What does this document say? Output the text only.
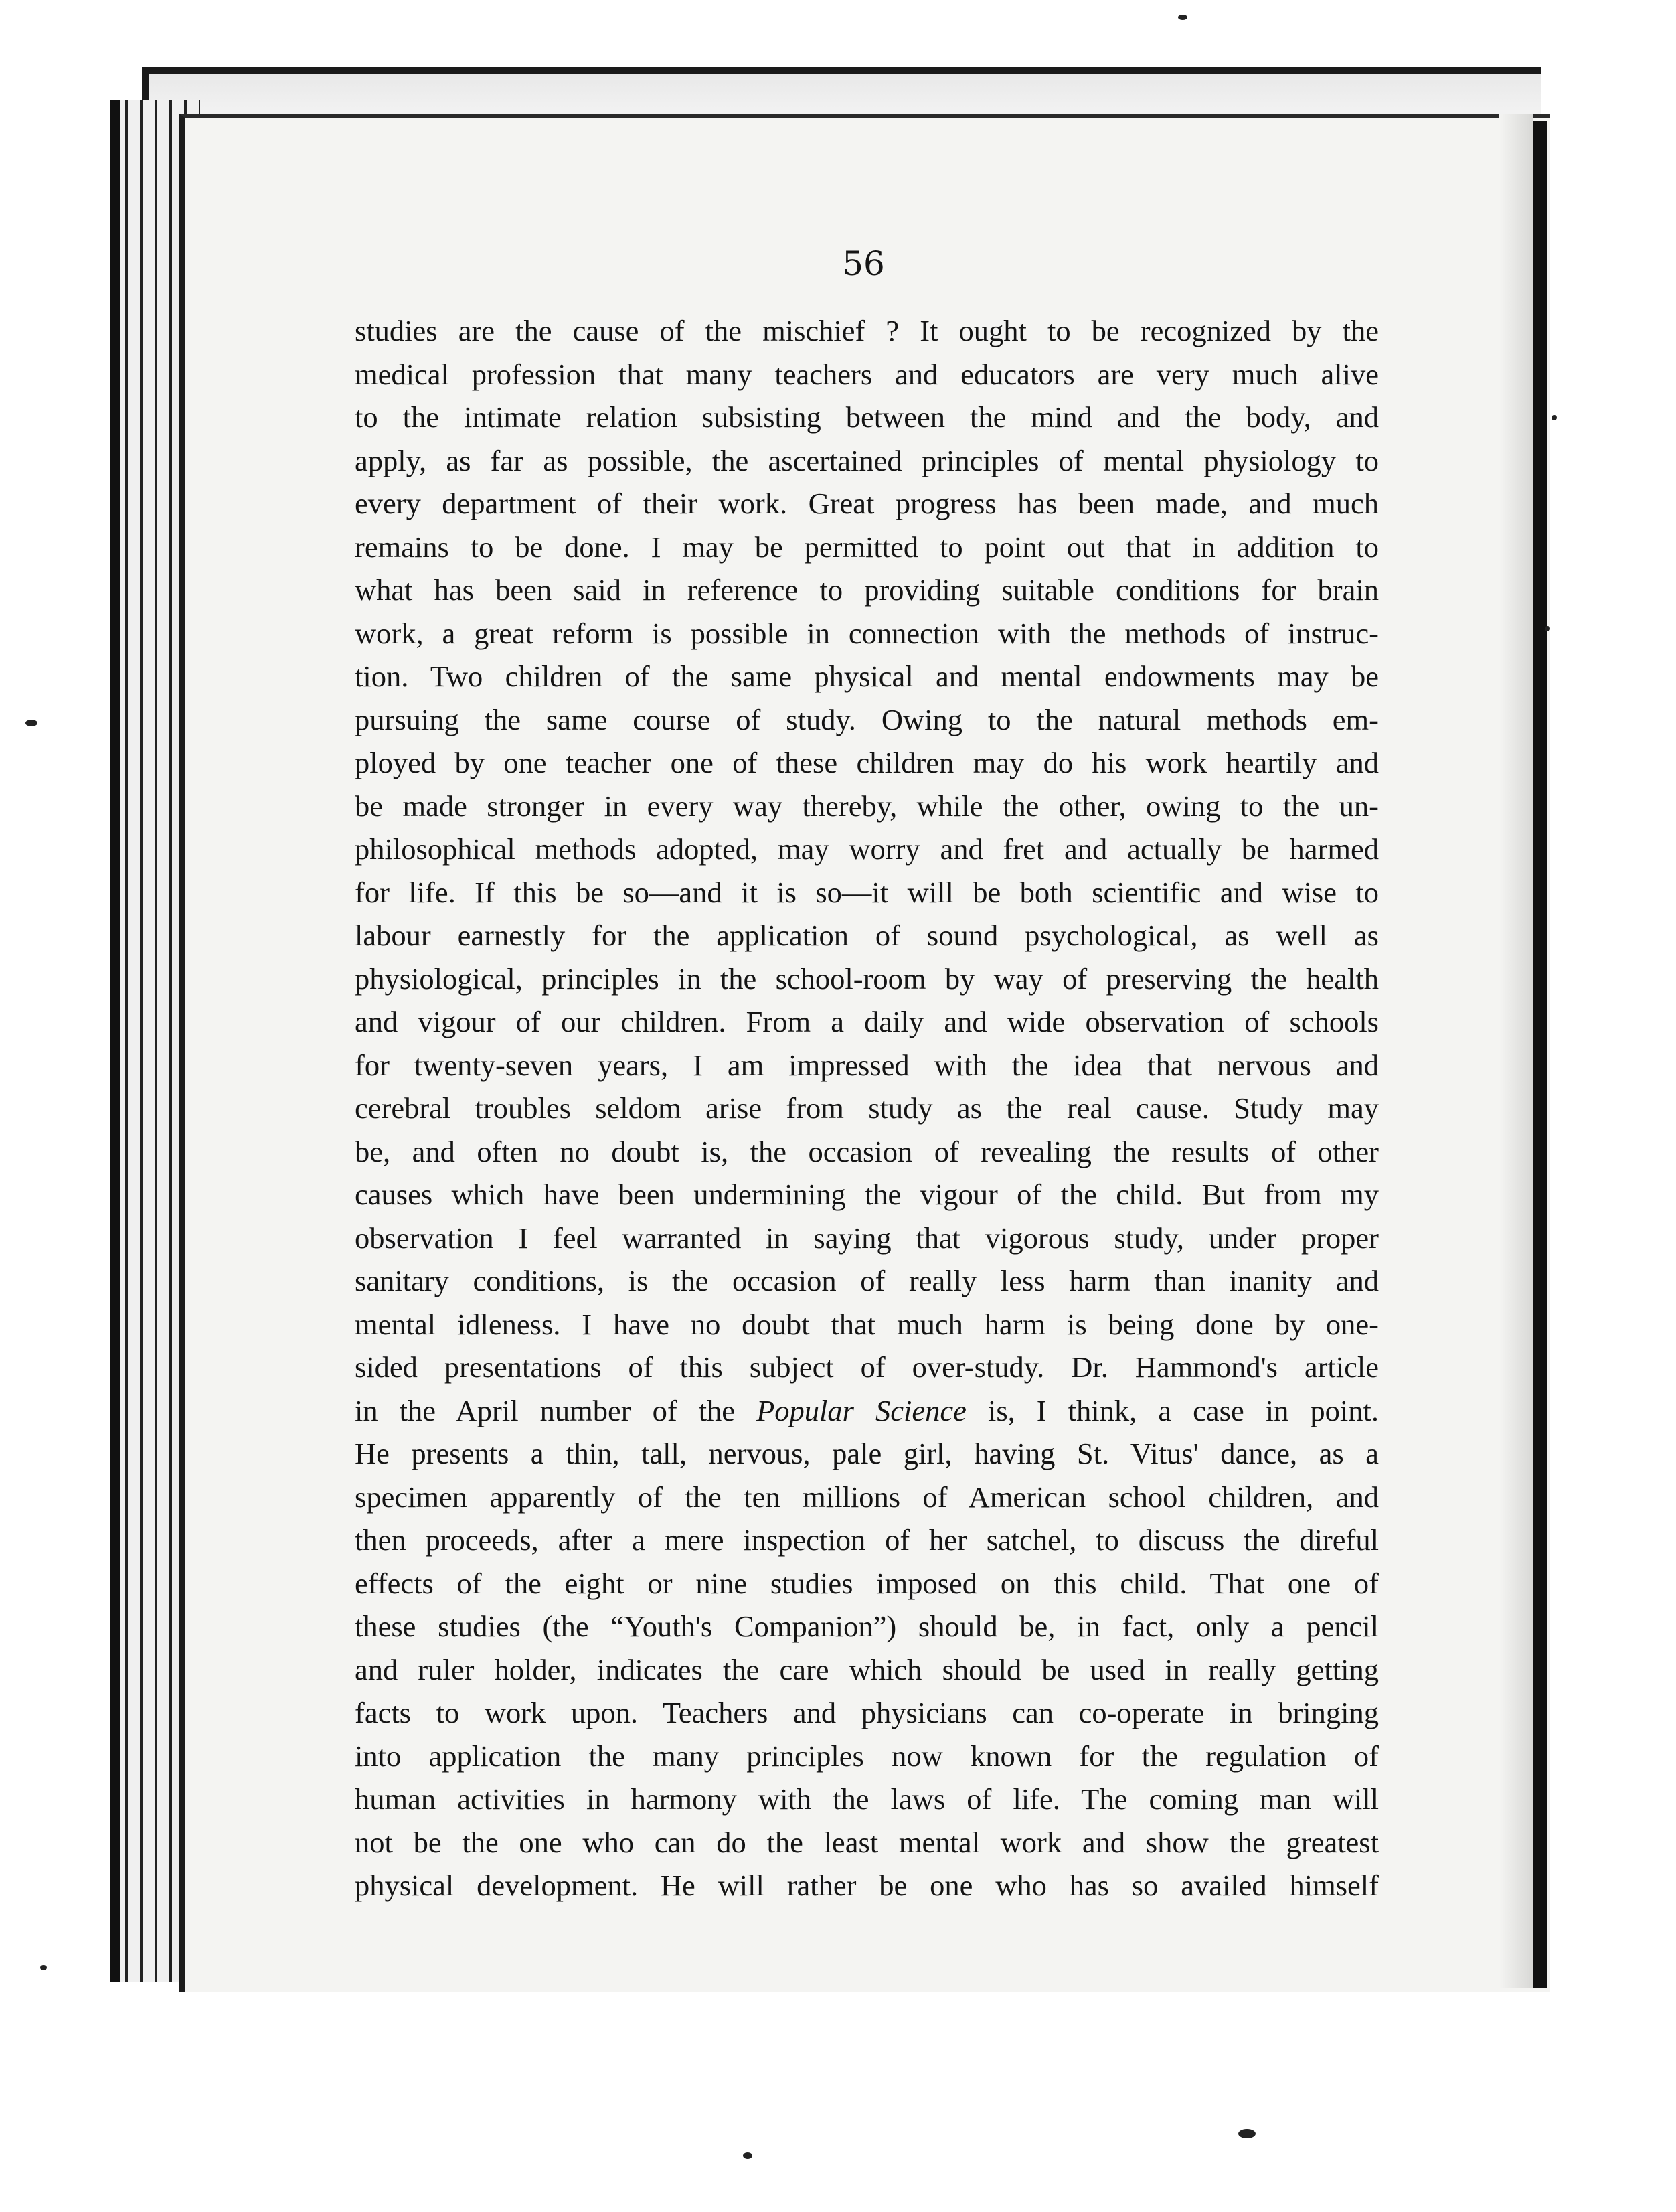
56
studies are the cause of the mischief ? It ought to be recognized by the
medical profession that many teachers and educators are very much alive
to the intimate relation subsisting between the mind and the body, and
apply, as far as possible, the ascertained principles of mental physiology to
every department of their work. Great progress has been made, and much
remains to be done. I may be permitted to point out that in addition to
what has been said in reference to providing suitable conditions for brain
work, a great reform is possible in connection with the methods of instruc-
tion. Two children of the same physical and mental endowments may be
pursuing the same course of study. Owing to the natural methods em-
ployed by one teacher one of these children may do his work heartily and
be made stronger in every way thereby, while the other, owing to the un-
philosophical methods adopted, may worry and fret and actually be harmed
for life. If this be so—and it is so—it will be both scientific and wise to
labour earnestly for the application of sound psychological, as well as
physiological, principles in the school-room by way of preserving the health
and vigour of our children. From a daily and wide observation of schools
for twenty-seven years, I am impressed with the idea that nervous and
cerebral troubles seldom arise from study as the real cause. Study may
be, and often no doubt is, the occasion of revealing the results of other
causes which have been undermining the vigour of the child. But from my
observation I feel warranted in saying that vigorous study, under proper
sanitary conditions, is the occasion of really less harm than inanity and
mental idleness. I have no doubt that much harm is being done by one-
sided presentations of this subject of over-study. Dr. Hammond's article
in the April number of the Popular Science is, I think, a case in point.
He presents a thin, tall, nervous, pale girl, having St. Vitus' dance, as a
specimen apparently of the ten millions of American school children, and
then proceeds, after a mere inspection of her satchel, to discuss the direful
effects of the eight or nine studies imposed on this child. That one of
these studies (the “Youth's Companion”) should be, in fact, only a pencil
and ruler holder, indicates the care which should be used in really getting
facts to work upon. Teachers and physicians can co-operate in bringing
into application the many principles now known for the regulation of
human activities in harmony with the laws of life. The coming man will
not be the one who can do the least mental work and show the greatest
physical development. He will rather be one who has so availed himself
